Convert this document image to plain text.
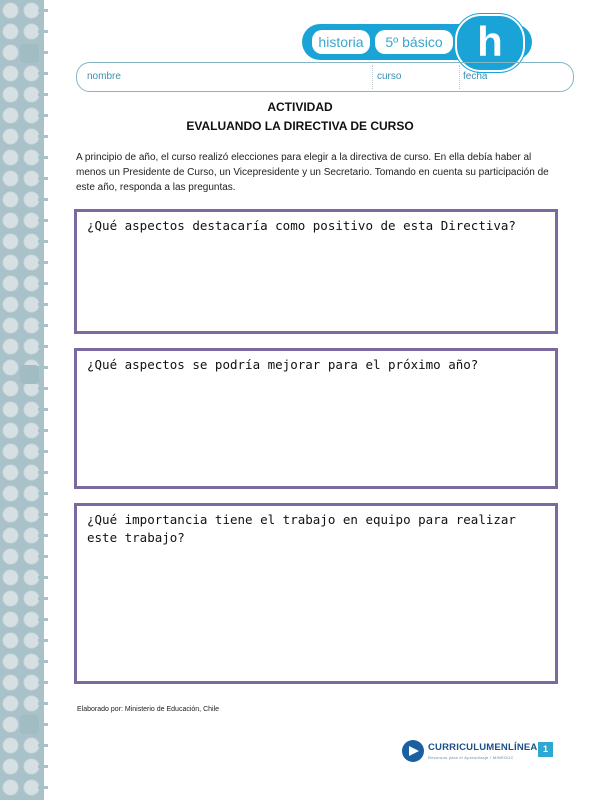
historia	5º básico h
nombre	curso	fecha
ACTIVIDAD
EVALUANDO LA DIRECTIVA DE CURSO
A principio de año, el curso realizó elecciones para elegir a la directiva de curso. En ella debía haber al menos un Presidente de Curso, un Vicepresidente y un Secretario. Tomando en cuenta su participación de este año, responda a las preguntas.
¿Qué aspectos destacaría como positivo de esta Directiva?
¿Qué aspectos se podría mejorar para el próximo año?
¿Qué importancia tiene el trabajo en equipo para realizar este trabajo?
Elaborado por: Ministerio de Educación, Chile
CURRICULUMENLÍNEA
Recursos para el Aprendizaje / MINEDUC
1
